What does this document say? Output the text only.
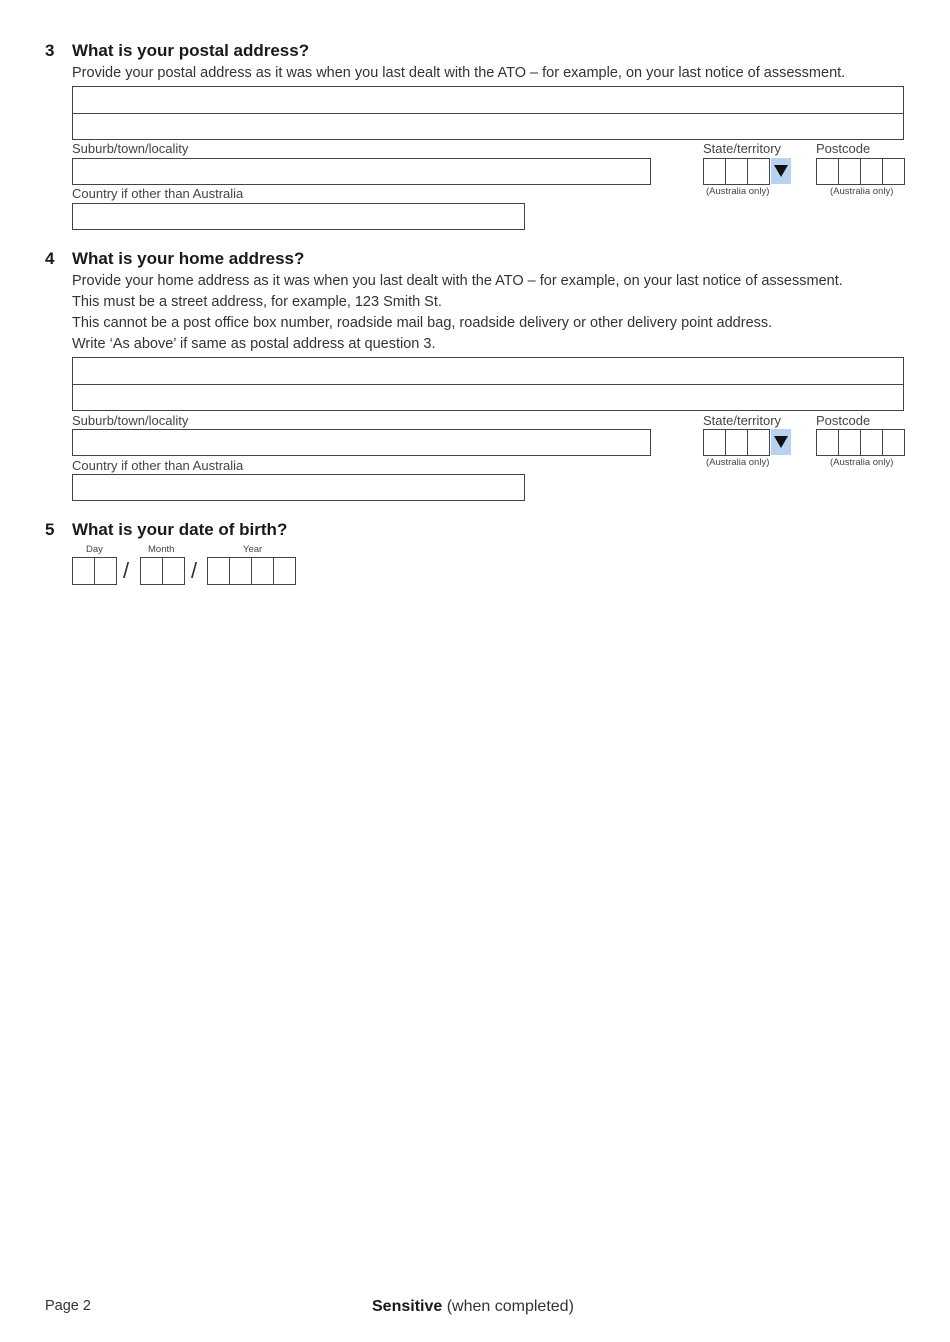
3 What is your postal address?
Provide your postal address as it was when you last dealt with the ATO – for example, on your last notice of assessment.
Suburb/town/locality	State/territory	Postcode
(Australia only)	(Australia only)
Country if other than Australia
4 What is your home address?
Provide your home address as it was when you last dealt with the ATO – for example, on your last notice of assessment.
This must be a street address, for example, 123 Smith St.
This cannot be a post office box number, roadside mail bag, roadside delivery or other delivery point address.
Write ‘As above’ if same as postal address at question 3.
Suburb/town/locality	State/territory	Postcode
(Australia only)	(Australia only)
Country if other than Australia
5 What is your date of birth?
Day	Month	Year
/	/
Page 2	Sensitive (when completed)
